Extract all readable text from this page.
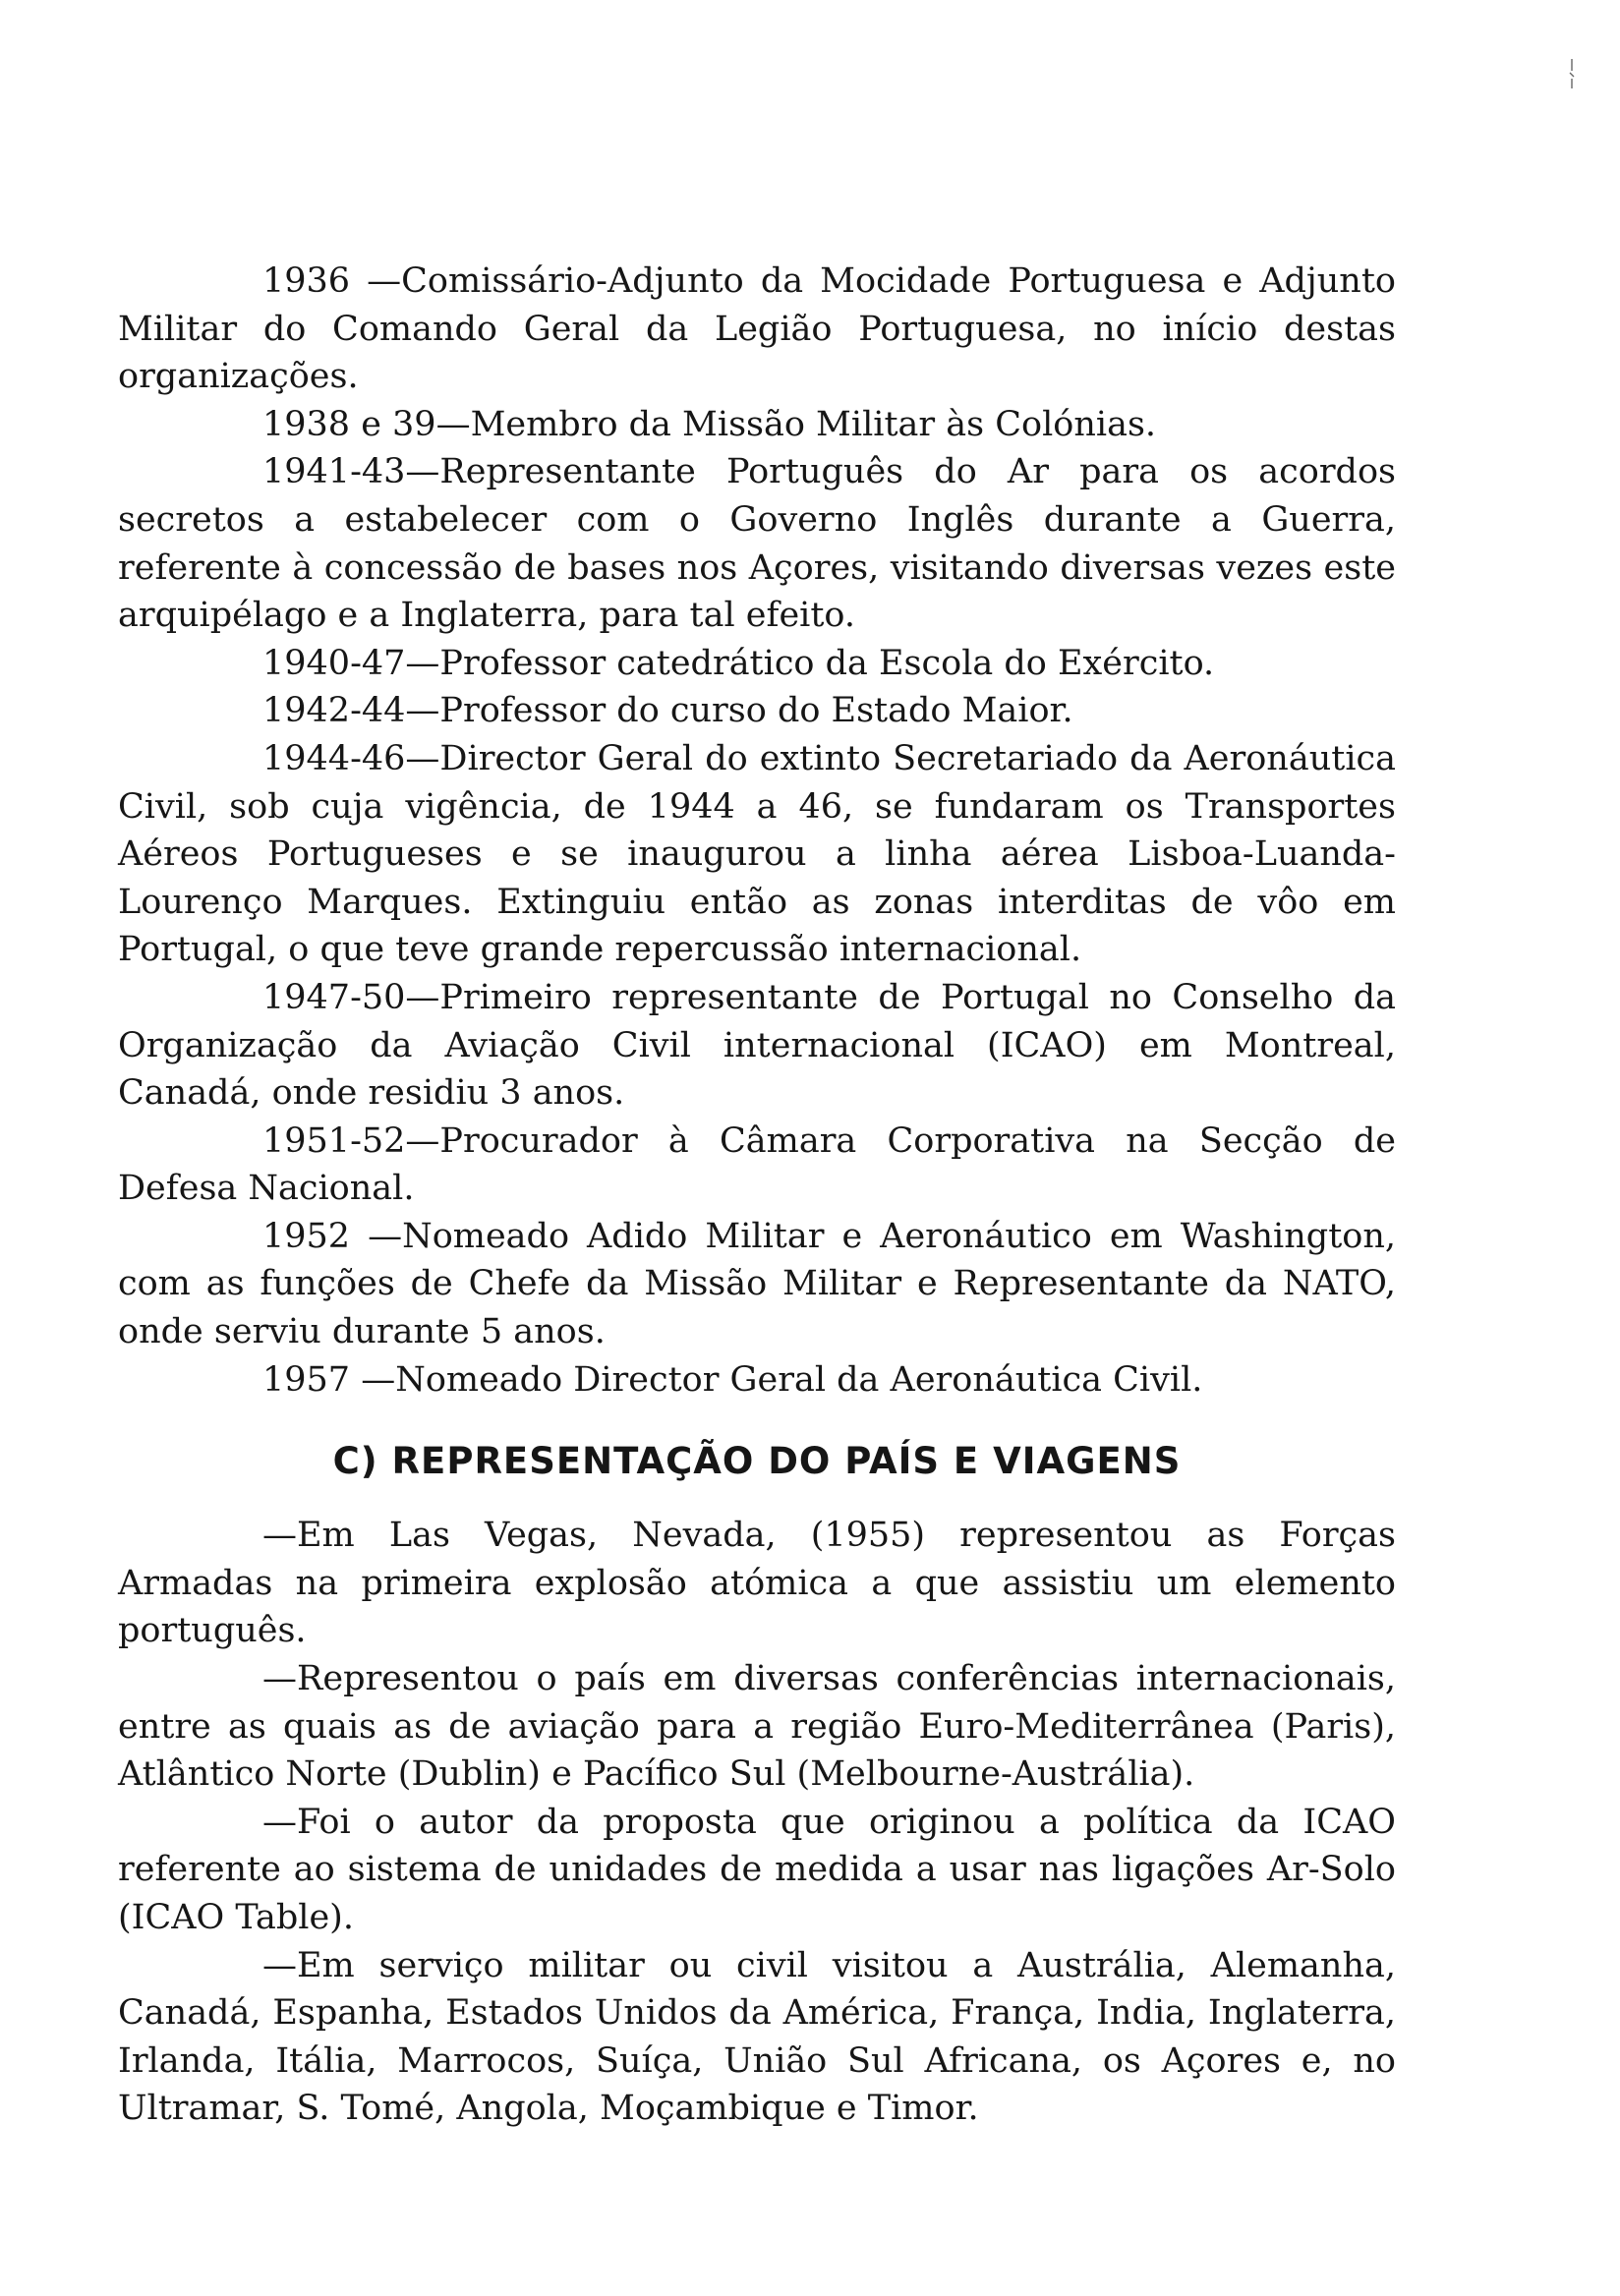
1936 —Comissário-Adjunto da Mocidade Portuguesa e Adjunto Militar do Comando Geral da Legião Portuguesa, no início destas organizações.

1938 e 39—Membro da Missão Militar às Colónias.

1941-43—Representante Português do Ar para os acordos secretos a estabelecer com o Governo Inglês durante a Guerra, referente à concessão de bases nos Açores, visitando diversas vezes este arquipélago e a Inglaterra, para tal efeito.

1940-47—Professor catedrático da Escola do Exército.

1942-44—Professor do curso do Estado Maior.

1944-46—Director Geral do extinto Secretariado da Aeronáutica Civil, sob cuja vigência, de 1944 a 46, se fundaram os Transportes Aéreos Portugueses e se inaugurou a linha aérea Lisboa-Luanda-Lourenço Marques. Extinguiu então as zonas interditas de vôo em Portugal, o que teve grande repercussão internacional.

1947-50—Primeiro representante de Portugal no Conselho da Organização da Aviação Civil internacional (ICAO) em Montreal, Canadá, onde residiu 3 anos.

1951-52—Procurador à Câmara Corporativa na Secção de Defesa Nacional.

1952 —Nomeado Adido Militar e Aeronáutico em Washington, com as funções de Chefe da Missão Militar e Representante da NATO, onde serviu durante 5 anos.

1957 —Nomeado Director Geral da Aeronáutica Civil.

C) REPRESENTAÇÃO DO PAÍS E VIAGENS

—Em Las Vegas, Nevada, (1955) representou as Forças Armadas na primeira explosão atómica a que assistiu um elemento português.

—Representou o país em diversas conferências internacionais, entre as quais as de aviação para a região Euro-Mediterrânea (Paris), Atlântico Norte (Dublin) e Pacífico Sul (Melbourne-Austrália).

—Foi o autor da proposta que originou a política da ICAO referente ao sistema de unidades de medida a usar nas ligações Ar-Solo (ICAO Table).

—Em serviço militar ou civil visitou a Austrália, Alemanha, Canadá, Espanha, Estados Unidos da América, França, India, Inglaterra, Irlanda, Itália, Marrocos, Suíça, União Sul Africana, os Açores e, no Ultramar, S. Tomé, Angola, Moçambique e Timor.
